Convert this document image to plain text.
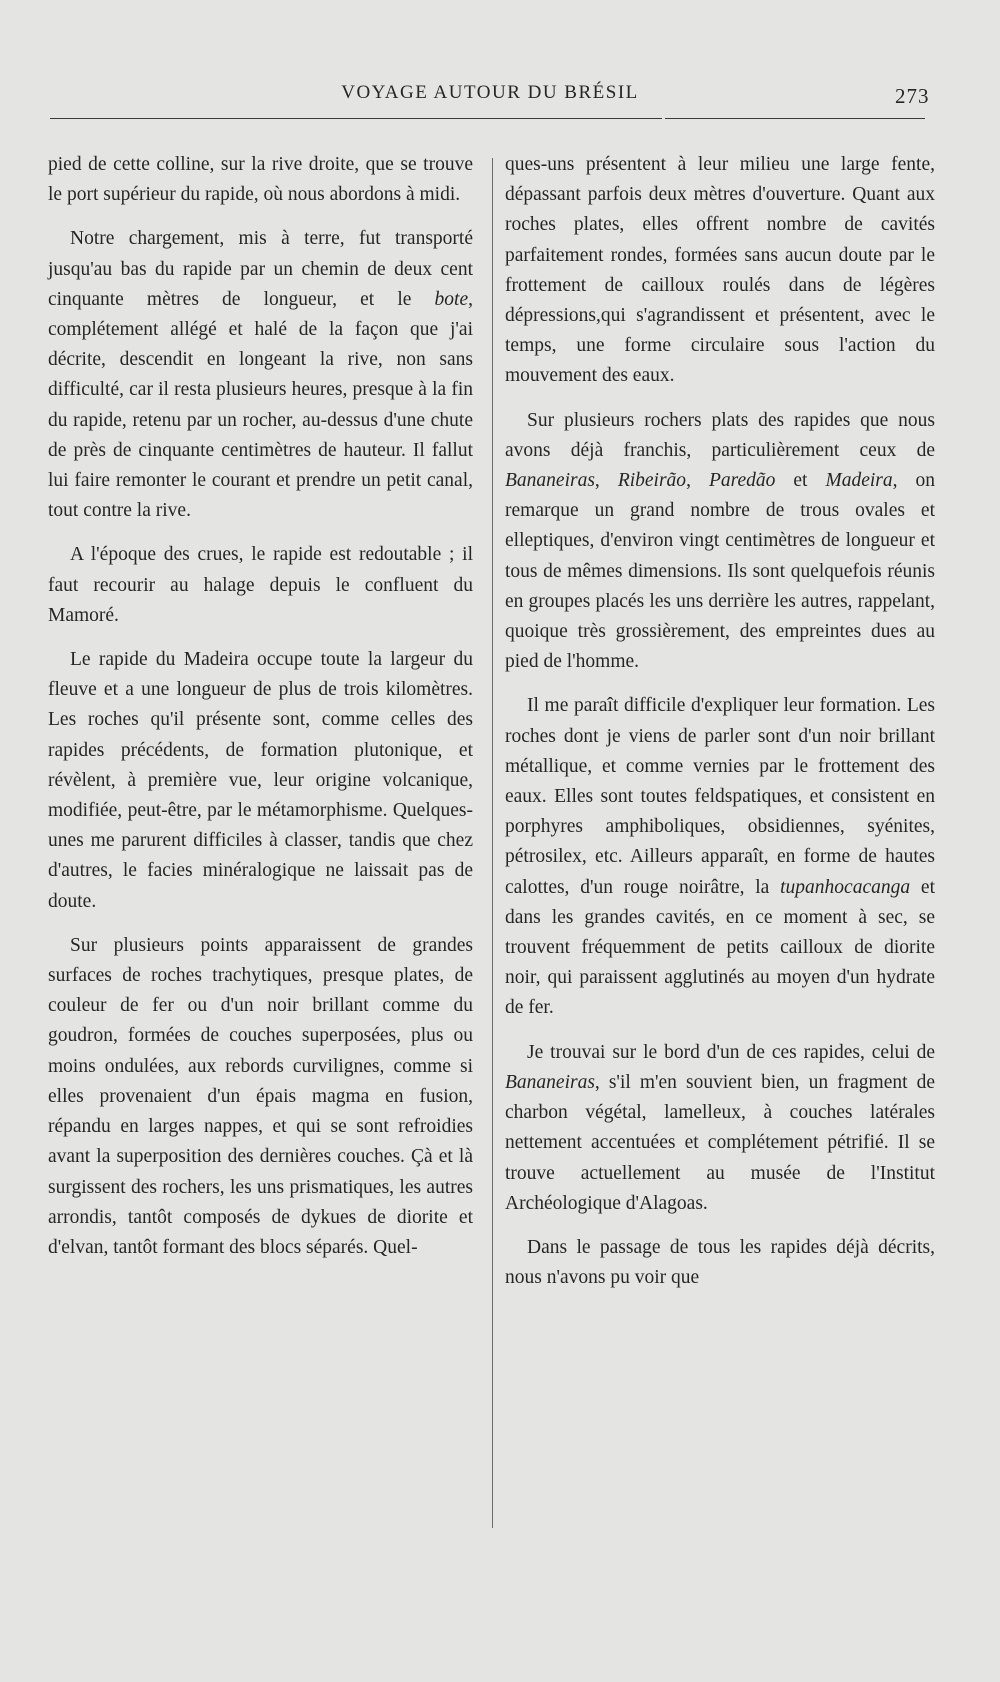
VOYAGE AUTOUR DU BRÉSIL	273

pied de cette colline, sur la rive droite, que se trouve le port supérieur du rapide, où nous abordons à midi.

Notre chargement, mis à terre, fut transporté jusqu'au bas du rapide par un chemin de deux cent cinquante mètres de longueur, et le bote, complétement allégé et halé de la façon que j'ai décrite, descendit en longeant la rive, non sans difficulté, car il resta plusieurs heures, presque à la fin du rapide, retenu par un rocher, au-dessus d'une chute de près de cinquante centimètres de hauteur. Il fallut lui faire remonter le courant et prendre un petit canal, tout contre la rive.

A l'époque des crues, le rapide est redoutable ; il faut recourir au halage depuis le confluent du Mamoré.

Le rapide du Madeira occupe toute la largeur du fleuve et a une longueur de plus de trois kilomètres. Les roches qu'il présente sont, comme celles des rapides précédents, de formation plutonique, et révèlent, à première vue, leur origine volcanique, modifiée, peut-être, par le métamorphisme. Quelques-unes me parurent difficiles à classer, tandis que chez d'autres, le facies minéralogique ne laissait pas de doute.

Sur plusieurs points apparaissent de grandes surfaces de roches trachytiques, presque plates, de couleur de fer ou d'un noir brillant comme du goudron, formées de couches superposées, plus ou moins ondulées, aux rebords curvilignes, comme si elles provenaient d'un épais magma en fusion, répandu en larges nappes, et qui se sont refroidies avant la superposition des dernières couches. Çà et là surgissent des rochers, les uns prismatiques, les autres arrondis, tantôt composés de dykues de diorite et d'elvan, tantôt formant des blocs séparés. Quel-

ques-uns présentent à leur milieu une large fente, dépassant parfois deux mètres d'ouverture. Quant aux roches plates, elles offrent nombre de cavités parfaitement rondes, formées sans aucun doute par le frottement de cailloux roulés dans de légères dépressions,qui s'agrandissent et présentent, avec le temps, une forme circulaire sous l'action du mouvement des eaux.

Sur plusieurs rochers plats des rapides que nous avons déjà franchis, particulièrement ceux de Bananeiras, Ribeirão, Paredão et Madeira, on remarque un grand nombre de trous ovales et elleptiques, d'environ vingt centimètres de longueur et tous de mêmes dimensions. Ils sont quelquefois réunis en groupes placés les uns derrière les autres, rappelant, quoique très grossièrement, des empreintes dues au pied de l'homme.

Il me paraît difficile d'expliquer leur formation. Les roches dont je viens de parler sont d'un noir brillant métallique, et comme vernies par le frottement des eaux. Elles sont toutes feldspatiques, et consistent en porphyres amphiboliques, obsidiennes, syénites, pétrosilex, etc. Ailleurs apparaît, en forme de hautes calottes, d'un rouge noirâtre, la tupanhocacanga et dans les grandes cavités, en ce moment à sec, se trouvent fréquemment de petits cailloux de diorite noir, qui paraissent agglutinés au moyen d'un hydrate de fer.

Je trouvai sur le bord d'un de ces rapides, celui de Bananeiras, s'il m'en souvient bien, un fragment de charbon végétal, lamelleux, à couches latérales nettement accentuées et complétement pétrifié. Il se trouve actuellement au musée de l'Institut Archéologique d'Alagoas.

Dans le passage de tous les rapides déjà décrits, nous n'avons pu voir que
